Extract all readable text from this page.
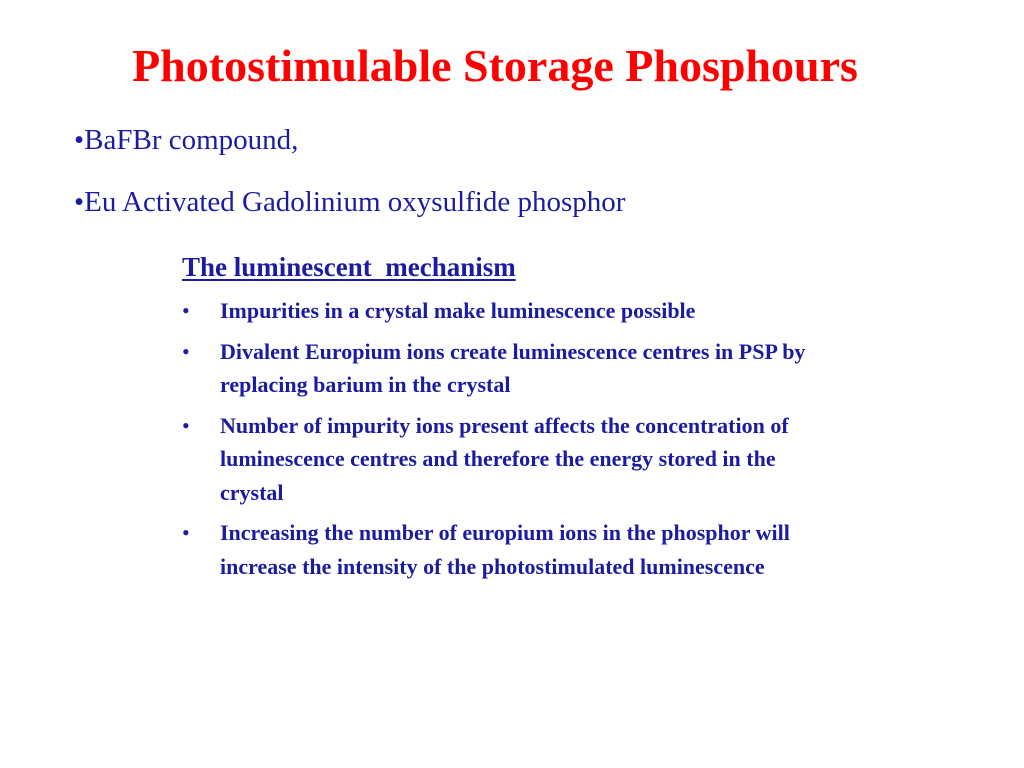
Photostimulable Storage Phosphours
•BaFBr compound,
•Eu Activated Gadolinium oxysulfide phosphor
The luminescent  mechanism
•	Impurities in a crystal make luminescence possible
•	Divalent Europium ions create luminescence centres in PSP by replacing barium in the crystal
•	Number of impurity ions present affects the concentration of luminescence centres and therefore the energy stored in the crystal
•	Increasing the number of europium ions in the phosphor will increase the intensity of the photostimulated luminescence
